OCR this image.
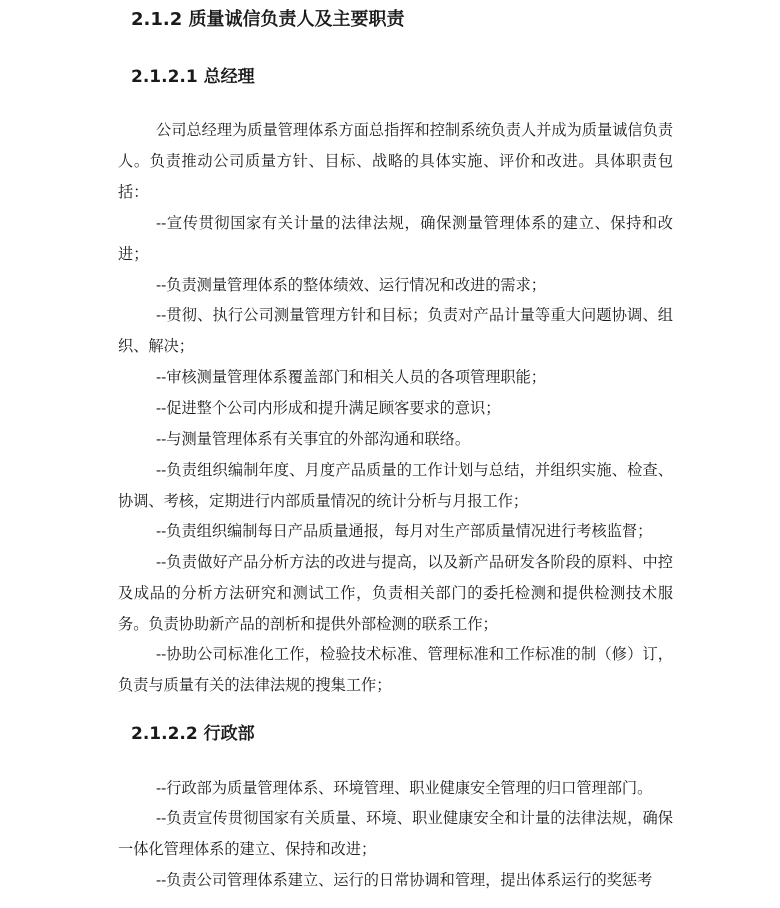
2.1.2 质量诚信负责人及主要职责
2.1.2.1 总经理

公司总经理为质量管理体系方面总指挥和控制系统负责人并成为质量诚信负责人。负责推动公司质量方针、目标、战略的具体实施、评价和改进。具体职责包括：

--宣传贯彻国家有关计量的法律法规，确保测量管理体系的建立、保持和改进；

--负责测量管理体系的整体绩效、运行情况和改进的需求；

--贯彻、执行公司测量管理方针和目标；负责对产品计量等重大问题协调、组织、解决；

--审核测量管理体系覆盖部门和相关人员的各项管理职能；

--促进整个公司内形成和提升满足顾客要求的意识；

--与测量管理体系有关事宜的外部沟通和联络。

--负责组织编制年度、月度产品质量的工作计划与总结，并组织实施、检查、协调、考核，定期进行内部质量情况的统计分析与月报工作；

--负责组织编制每日产品质量通报，每月对生产部质量情况进行考核监督；

--负责做好产品分析方法的改进与提高，以及新产品研发各阶段的原料、中控及成品的分析方法研究和测试工作，负责相关部门的委托检测和提供检测技术服务。负责协助新产品的剖析和提供外部检测的联系工作；

--协助公司标准化工作，检验技术标准、管理标准和工作标准的制（修）订，负责与质量有关的法律法规的搜集工作；

2.1.2.2 行政部

--行政部为质量管理体系、环境管理、职业健康安全管理的归口管理部门。

--负责宣传贯彻国家有关质量、环境、职业健康安全和计量的法律法规，确保一体化管理体系的建立、保持和改进；

--负责公司管理体系建立、运行的日常协调和管理，提出体系运行的奖惩考
